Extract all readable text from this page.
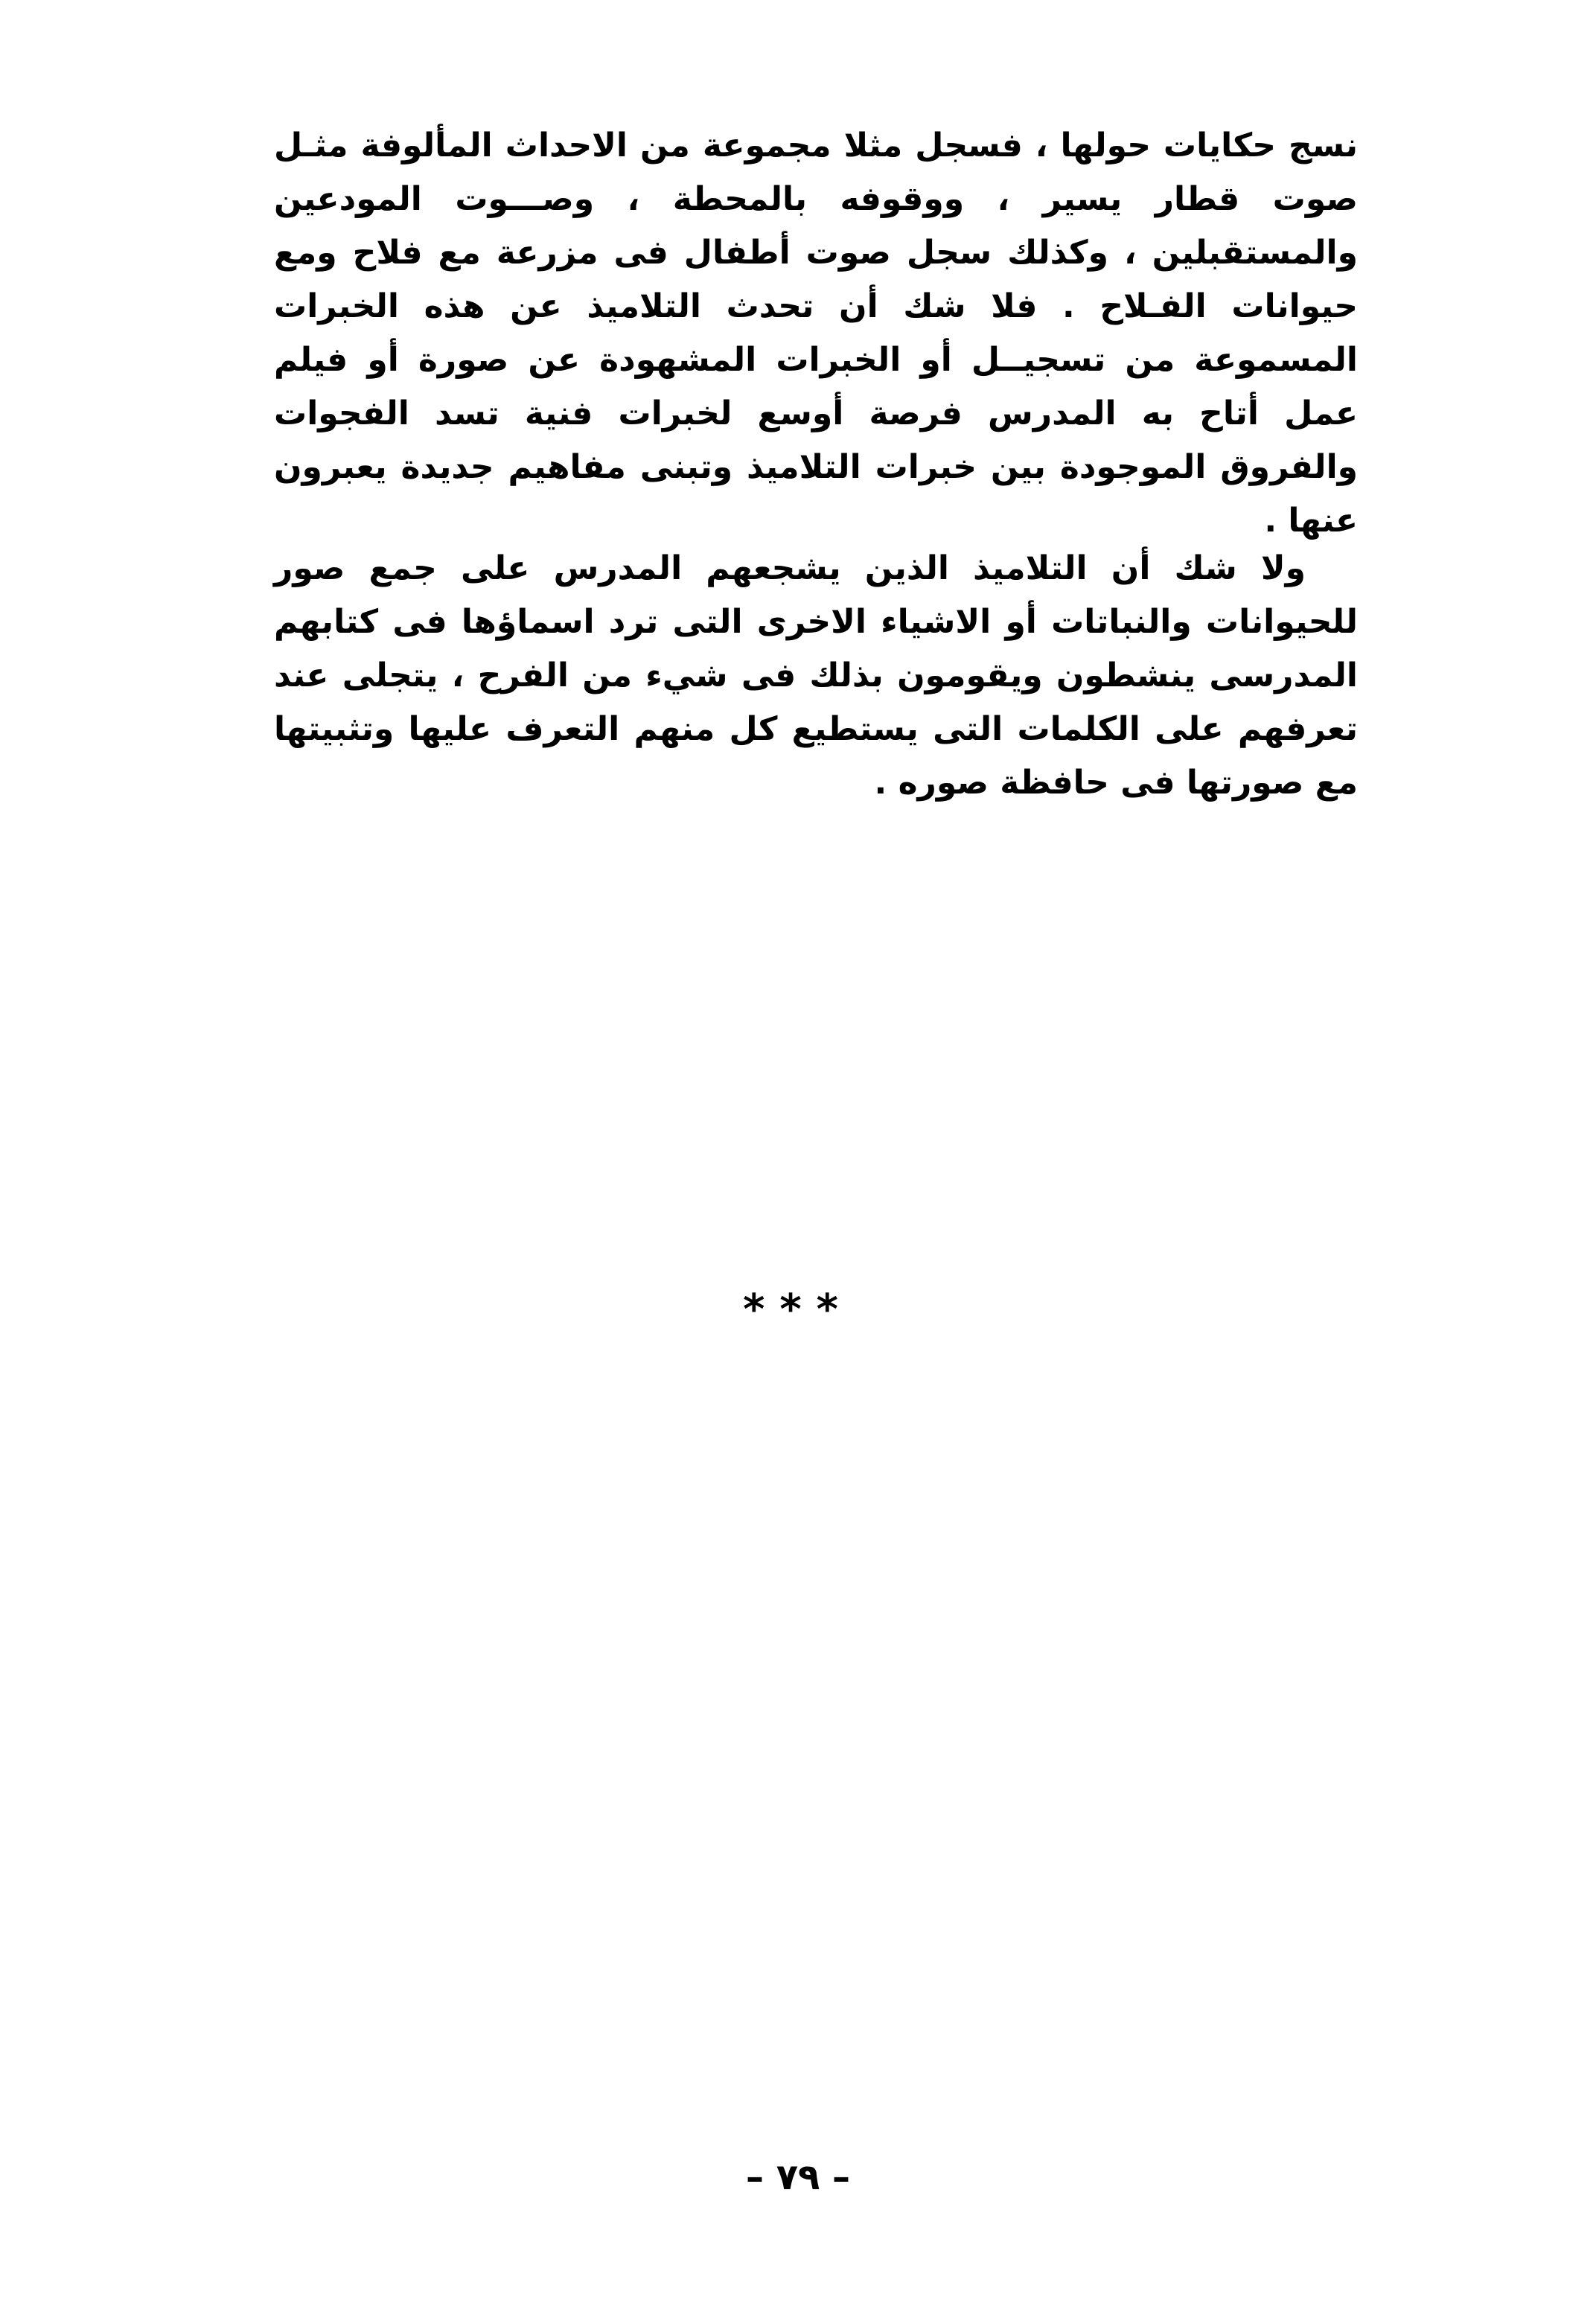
نسج حكايات حولها ، فسجل مثلا مجموعة من الاحداث المألوفة مثـل صوت قطار يسير ، ووقوفه بالمحطة ، وصـــوت المودعين والمستقبلين ، وكذلك سجل صوت أطفال فى مزرعة مع فلاح ومع حيوانات الفـلاح . فلا شك أن تحدث التلاميذ عن هذه الخبرات المسموعة من تسجيــل أو الخبرات المشهودة عن صورة أو فيلم عمل أتاح به المدرس فرصة أوسع لخبرات فنية تسد الفجوات والفروق الموجودة بين خبرات التلاميذ وتبنى مفاهيم جديدة يعبرون عنها .

ولا شك أن التلاميذ الذين يشجعهم المدرس على جمع صور للحيوانات والنباتات أو الاشياء الاخرى التى ترد اسماؤها فى كتابهم المدرسى ينشطون ويقومون بذلك فى شيء من الفرح ، يتجلى عند تعرفهم على الكلمات التى يستطيع كل منهم التعرف عليها وتثبيتها مع صورتها فى حافظة صوره .

***
– ٧٩ –
